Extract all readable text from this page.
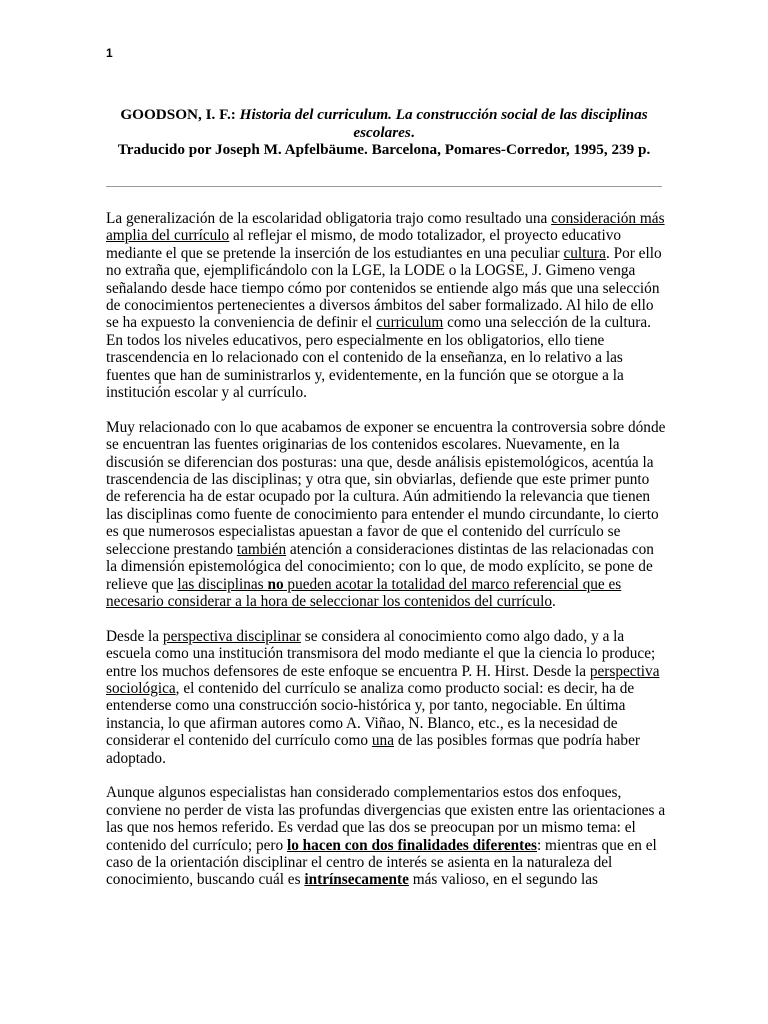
1
GOODSON, I. F.: Historia del curriculum. La construcción social de las disciplinas escolares.
Traducido por Joseph M. Apfelbäume. Barcelona, Pomares-Corredor, 1995, 239 p.

La generalización de la escolaridad obligatoria trajo como resultado una consideración más amplia del currículo al reflejar el mismo, de modo totalizador, el proyecto educativo mediante el que se pretende la inserción de los estudiantes en una peculiar cultura. Por ello no extraña que, ejemplificándolo con la LGE, la LODE o la LOGSE, J. Gimeno venga señalando desde hace tiempo cómo por contenidos se entiende algo más que una selección de conocimientos pertenecientes a diversos ámbitos del saber formalizado. Al hilo de ello se ha expuesto la conveniencia de definir el curriculum como una selección de la cultura. En todos los niveles educativos, pero especialmente en los obligatorios, ello tiene trascendencia en lo relacionado con el contenido de la enseñanza, en lo relativo a las fuentes que han de suministrarlos y, evidentemente, en la función que se otorgue a la institución escolar y al currículo.

Muy relacionado con lo que acabamos de exponer se encuentra la controversia sobre dónde se encuentran las fuentes originarias de los contenidos escolares. Nuevamente, en la discusión se diferencian dos posturas: una que, desde análisis epistemológicos, acentúa la trascendencia de las disciplinas; y otra que, sin obviarlas, defiende que este primer punto de referencia ha de estar ocupado por la cultura. Aún admitiendo la relevancia que tienen las disciplinas como fuente de conocimiento para entender el mundo circundante, lo cierto es que numerosos especialistas apuestan a favor de que el contenido del currículo se seleccione prestando también atención a consideraciones distintas de las relacionadas con la dimensión epistemológica del conocimiento; con lo que, de modo explícito, se pone de relieve que las disciplinas no pueden acotar la totalidad del marco referencial que es necesario considerar a la hora de seleccionar los contenidos del currículo.

Desde la perspectiva disciplinar se considera al conocimiento como algo dado, y a la escuela como una institución transmisora del modo mediante el que la ciencia lo produce; entre los muchos defensores de este enfoque se encuentra P. H. Hirst. Desde la perspectiva sociológica, el contenido del currículo se analiza como producto social: es decir, ha de entenderse como una construcción socio-histórica y, por tanto, negociable. En última instancia, lo que afirman autores como A. Viñao, N. Blanco, etc., es la necesidad de considerar el contenido del currículo como una de las posibles formas que podría haber adoptado.

Aunque algunos especialistas han considerado complementarios estos dos enfoques, conviene no perder de vista las profundas divergencias que existen entre las orientaciones a las que nos hemos referido. Es verdad que las dos se preocupan por un mismo tema: el contenido del currículo; pero lo hacen con dos finalidades diferentes: mientras que en el caso de la orientación disciplinar el centro de interés se asienta en la naturaleza del conocimiento, buscando cuál es intrínsecamente más valioso, en el segundo las
